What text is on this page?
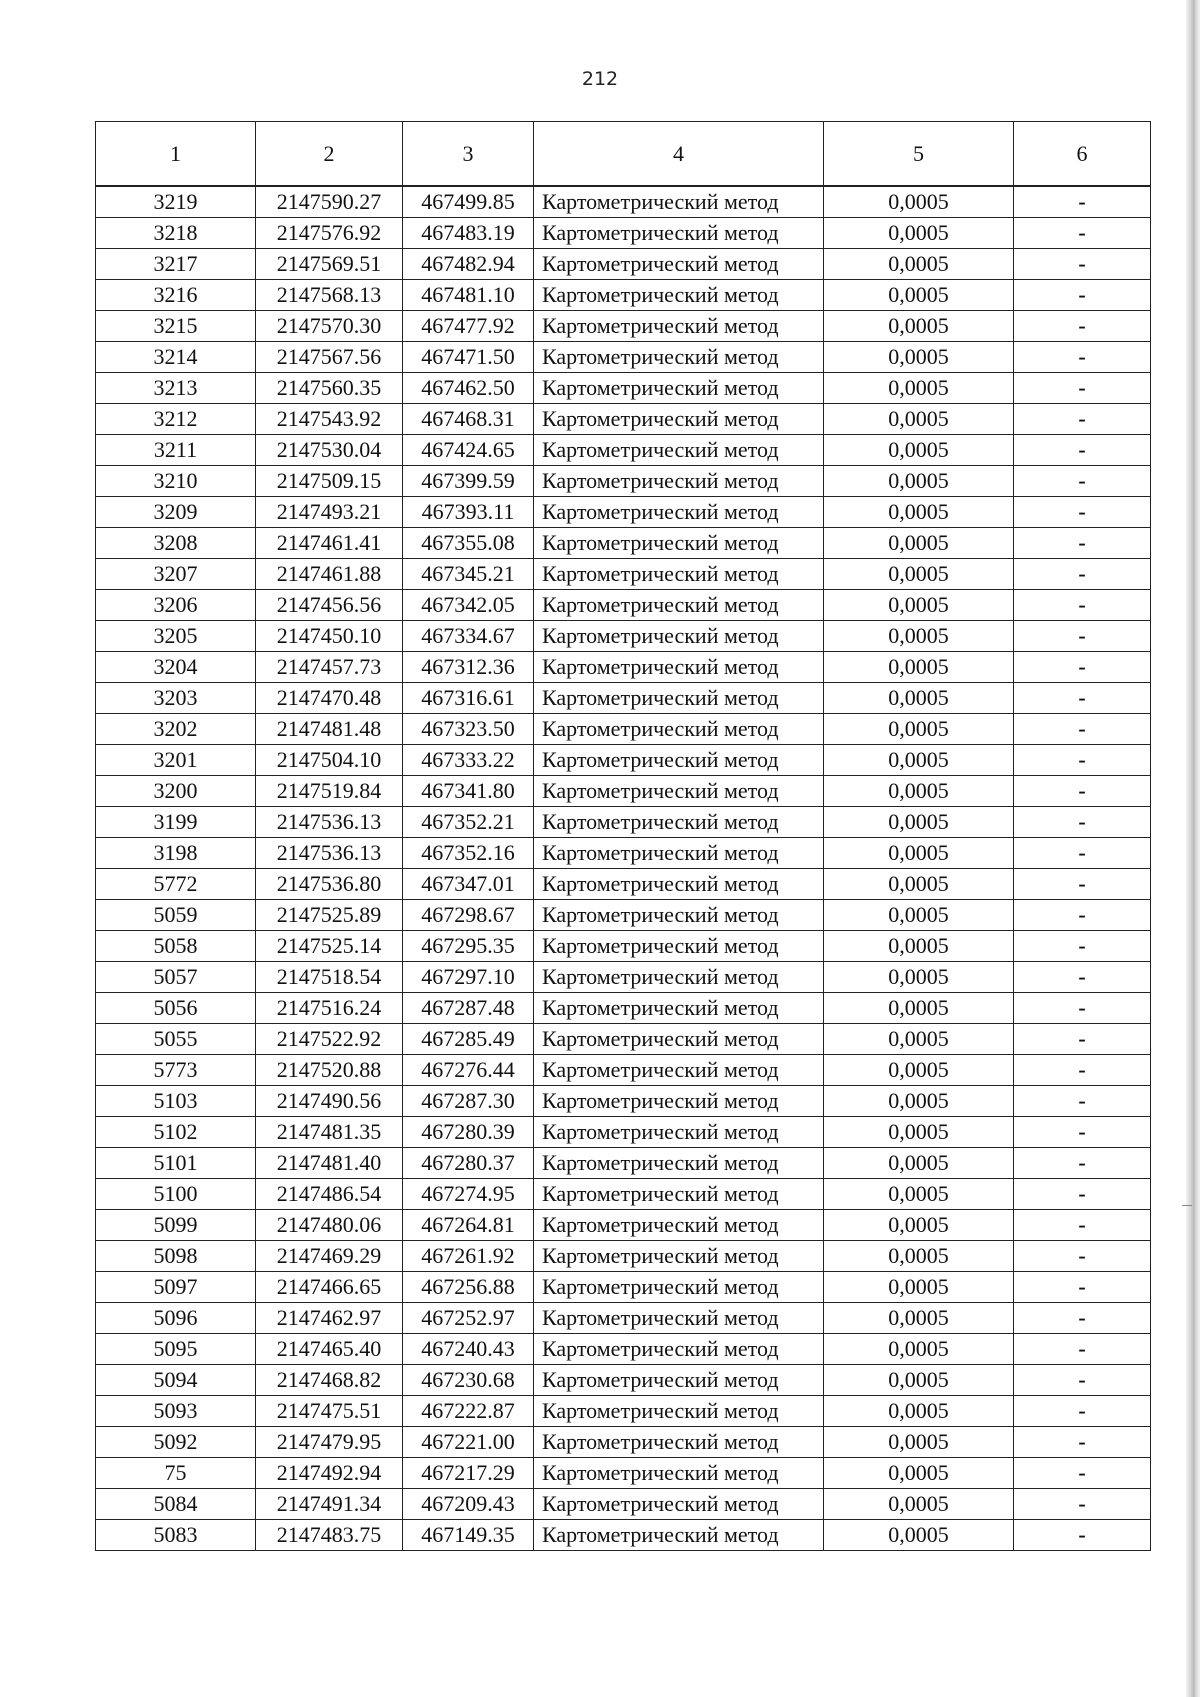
212
1	2	3	4	5	6
3219	2147590.27	467499.85	Картометрический метод	0,0005	-
3218	2147576.92	467483.19	Картометрический метод	0,0005	-
3217	2147569.51	467482.94	Картометрический метод	0,0005	-
3216	2147568.13	467481.10	Картометрический метод	0,0005	-
3215	2147570.30	467477.92	Картометрический метод	0,0005	-
3214	2147567.56	467471.50	Картометрический метод	0,0005	-
3213	2147560.35	467462.50	Картометрический метод	0,0005	-
3212	2147543.92	467468.31	Картометрический метод	0,0005	-
3211	2147530.04	467424.65	Картометрический метод	0,0005	-
3210	2147509.15	467399.59	Картометрический метод	0,0005	-
3209	2147493.21	467393.11	Картометрический метод	0,0005	-
3208	2147461.41	467355.08	Картометрический метод	0,0005	-
3207	2147461.88	467345.21	Картометрический метод	0,0005	-
3206	2147456.56	467342.05	Картометрический метод	0,0005	-
3205	2147450.10	467334.67	Картометрический метод	0,0005	-
3204	2147457.73	467312.36	Картометрический метод	0,0005	-
3203	2147470.48	467316.61	Картометрический метод	0,0005	-
3202	2147481.48	467323.50	Картометрический метод	0,0005	-
3201	2147504.10	467333.22	Картометрический метод	0,0005	-
3200	2147519.84	467341.80	Картометрический метод	0,0005	-
3199	2147536.13	467352.21	Картометрический метод	0,0005	-
3198	2147536.13	467352.16	Картометрический метод	0,0005	-
5772	2147536.80	467347.01	Картометрический метод	0,0005	-
5059	2147525.89	467298.67	Картометрический метод	0,0005	-
5058	2147525.14	467295.35	Картометрический метод	0,0005	-
5057	2147518.54	467297.10	Картометрический метод	0,0005	-
5056	2147516.24	467287.48	Картометрический метод	0,0005	-
5055	2147522.92	467285.49	Картометрический метод	0,0005	-
5773	2147520.88	467276.44	Картометрический метод	0,0005	-
5103	2147490.56	467287.30	Картометрический метод	0,0005	-
5102	2147481.35	467280.39	Картометрический метод	0,0005	-
5101	2147481.40	467280.37	Картометрический метод	0,0005	-
5100	2147486.54	467274.95	Картометрический метод	0,0005	-
5099	2147480.06	467264.81	Картометрический метод	0,0005	-
5098	2147469.29	467261.92	Картометрический метод	0,0005	-
5097	2147466.65	467256.88	Картометрический метод	0,0005	-
5096	2147462.97	467252.97	Картометрический метод	0,0005	-
5095	2147465.40	467240.43	Картометрический метод	0,0005	-
5094	2147468.82	467230.68	Картометрический метод	0,0005	-
5093	2147475.51	467222.87	Картометрический метод	0,0005	-
5092	2147479.95	467221.00	Картометрический метод	0,0005	-
75	2147492.94	467217.29	Картометрический метод	0,0005	-
5084	2147491.34	467209.43	Картометрический метод	0,0005	-
5083	2147483.75	467149.35	Картометрический метод	0,0005	-
